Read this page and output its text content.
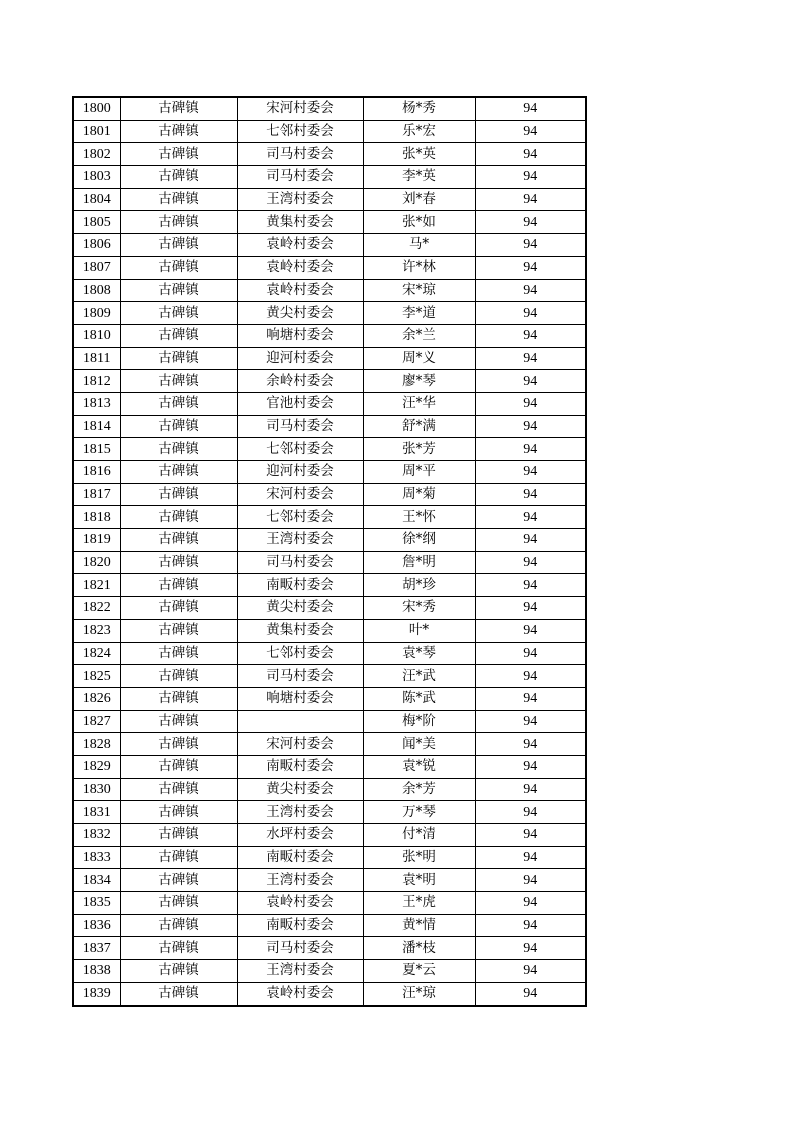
1800	古碑镇	宋河村委会	杨*秀	94
1801	古碑镇	七邻村委会	乐*宏	94
1802	古碑镇	司马村委会	张*英	94
1803	古碑镇	司马村委会	李*英	94
1804	古碑镇	王湾村委会	刘*春	94
1805	古碑镇	黄集村委会	张*如	94
1806	古碑镇	袁岭村委会	马*	94
1807	古碑镇	袁岭村委会	许*林	94
1808	古碑镇	袁岭村委会	宋*琼	94
1809	古碑镇	黄尖村委会	李*道	94
1810	古碑镇	响塘村委会	余*兰	94
1811	古碑镇	迎河村委会	周*义	94
1812	古碑镇	余岭村委会	廖*琴	94
1813	古碑镇	官池村委会	汪*华	94
1814	古碑镇	司马村委会	舒*满	94
1815	古碑镇	七邻村委会	张*芳	94
1816	古碑镇	迎河村委会	周*平	94
1817	古碑镇	宋河村委会	周*菊	94
1818	古碑镇	七邻村委会	王*怀	94
1819	古碑镇	王湾村委会	徐*纲	94
1820	古碑镇	司马村委会	詹*明	94
1821	古碑镇	南畈村委会	胡*珍	94
1822	古碑镇	黄尖村委会	宋*秀	94
1823	古碑镇	黄集村委会	叶*	94
1824	古碑镇	七邻村委会	袁*琴	94
1825	古碑镇	司马村委会	汪*武	94
1826	古碑镇	响塘村委会	陈*武	94
1827	古碑镇		梅*阶	94
1828	古碑镇	宋河村委会	闻*美	94
1829	古碑镇	南畈村委会	袁*锐	94
1830	古碑镇	黄尖村委会	余*芳	94
1831	古碑镇	王湾村委会	万*琴	94
1832	古碑镇	水坪村委会	付*清	94
1833	古碑镇	南畈村委会	张*明	94
1834	古碑镇	王湾村委会	袁*明	94
1835	古碑镇	袁岭村委会	王*虎	94
1836	古碑镇	南畈村委会	黄*情	94
1837	古碑镇	司马村委会	潘*枝	94
1838	古碑镇	王湾村委会	夏*云	94
1839	古碑镇	袁岭村委会	汪*琼	94
